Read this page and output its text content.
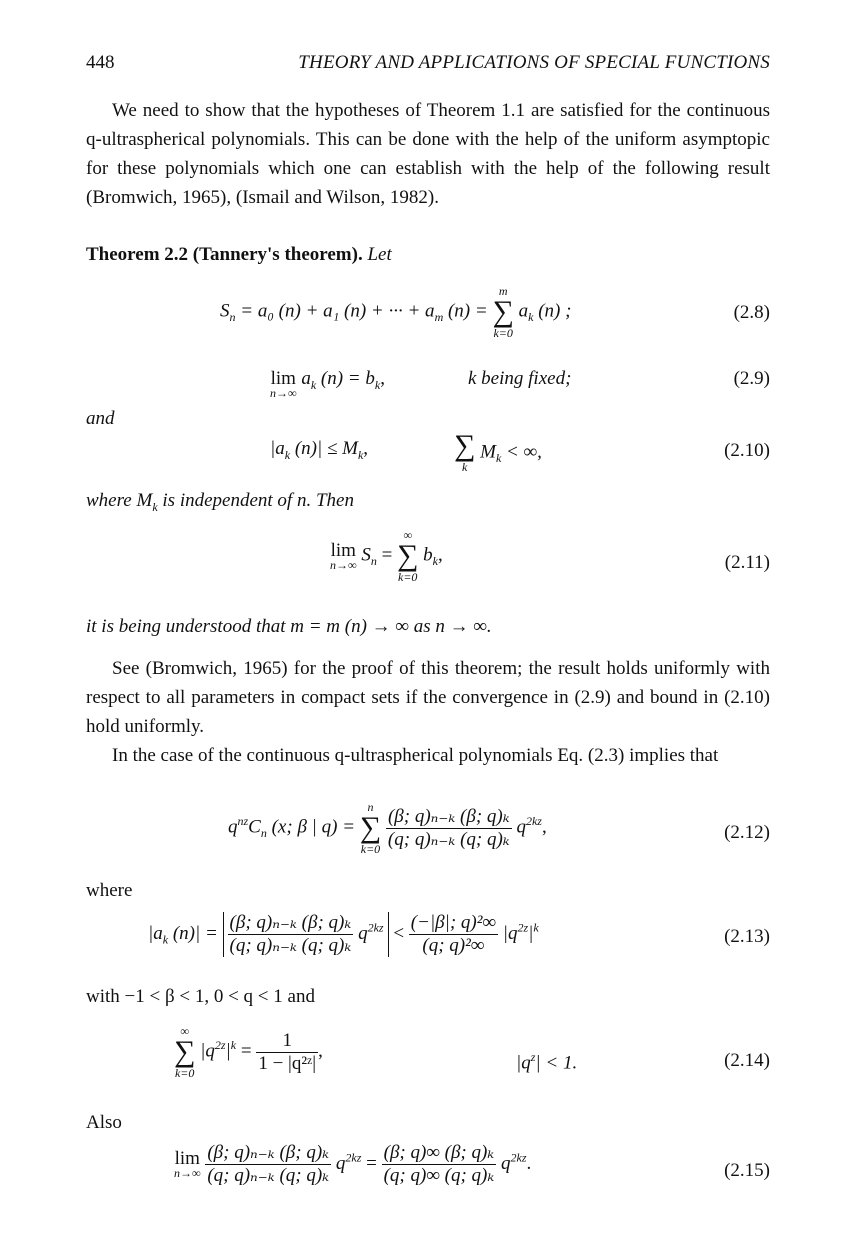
448	THEORY AND APPLICATIONS OF SPECIAL FUNCTIONS

We need to show that the hypotheses of Theorem 1.1 are satisfied for the continuous q-ultraspherical polynomials. This can be done with the help of the uniform asymptopic for these polynomials which one can establish with the help of the following result (Bromwich, 1965), (Ismail and Wilson, 1982).

Theorem 2.2 (Tannery's theorem). Let
$S_n = a_0$ (n) + a₁ (n) + ··· + $a_m$ (n) =
m
∑
k=0
$a_k$ (n) ;	(2.8)
lim
n→∞
$a_k$ $(n) = b_k$,	k being fixed;	(2.9)
and
$|a_k$ $(n)| \le M_k$,	∑
k
$M_k$ < ∞,	(2.10)
where $M_k$ is independent of n. Then
lim
n→∞ $S_n$ =
∞
∑
k=0
$b_k$,	(2.11)
it is being understood that m = m (n) → ∞ as n → ∞.

See (Bromwich, 1965) for the proof of this theorem; the result holds uniformly with respect to all parameters in compact sets if the convergence in (2.9) and bound in (2.10) hold uniformly.

In the case of the continuous q-ultraspherical polynomials Eq. (2.3) implies that

$q^{nz}C_n$ (x; β | q) =
n
∑
k=0
$\frac{\text{(β; q)ₙ₋ₖ (β; q)ₖ}}{\text{(q; q)ₙ₋ₖ (q; q)ₖ}} q^{2kz}$,	(2.12)
where
$|a_k$ $(n)| = \frac{\text{(β; q)ₙ₋ₖ (β; q)ₖ}}{\text{(q; q)ₙ₋ₖ (q; q)ₖ}} q^{2kz} < \frac{\text{(−|β|; q)²∞}}{\text{(q; q)²∞}} |q^{2z}|^k$	(2.13)
with −1 < β < 1, 0 < q < 1 and
∞
∑
k=0
$|q^{2z}|^k = \frac{1}{\text{1 − |q²ᶻ|}}$ ,
$|q^z| < 1$.	(2.14)
Also
lim
n→∞
$\frac{\text{(β; q)ₙ₋ₖ (β; q)ₖ}}{\text{(q; q)ₙ₋ₖ (q; q)ₖ}} q^{2kz} = \frac{\text{(β; q)∞ (β; q)ₖ}}{\text{(q; q)∞ (q; q)ₖ}} q^{2kz}$.	(2.15)
